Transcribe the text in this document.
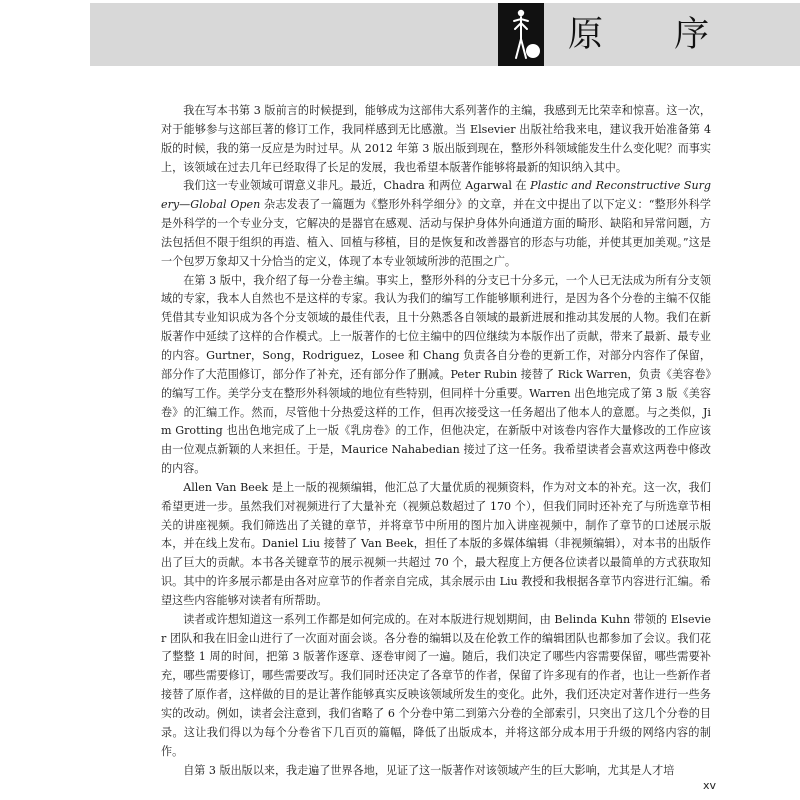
原 序

我在写本书第 3 版前言的时候提到，能够成为这部伟大系列著作的主编，我感到无比荣幸和惊喜。这一次，对于能够参与这部巨著的修订工作，我同样感到无比感激。当 Elsevier 出版社给我来电，建议我开始准备第 4 版的时候，我的第一反应是为时过早。从 2012 年第 3 版出版到现在，整形外科领域能发生什么变化呢？而事实上，该领域在过去几年已经取得了长足的发展，我也希望本版著作能够将最新的知识纳入其中。

我们这一专业领域可谓意义非凡。最近，Chadra 和两位 Agarwal 在 Plastic and Reconstructive Surgery—Global Open 杂志发表了一篇题为《整形外科学细分》的文章，并在文中提出了以下定义：“整形外科学是外科学的一个专业分支，它解决的是器官在感观、活动与保护身体外向通道方面的畸形、缺陷和异常问题，方法包括但不限于组织的再造、植入、回植与移植，目的是恢复和改善器官的形态与功能，并使其更加美观。”这是一个包罗万象却又十分恰当的定义，体现了本专业领域所涉的范围之广。

在第 3 版中，我介绍了每一分卷主编。事实上，整形外科的分支已十分多元，一个人已无法成为所有分支领域的专家，我本人自然也不是这样的专家。我认为我们的编写工作能够顺利进行，是因为各个分卷的主编不仅能凭借其专业知识成为各个分支领域的最佳代表，且十分熟悉各自领域的最新进展和推动其发展的人物。我们在新版著作中延续了这样的合作模式。上一版著作的七位主编中的四位继续为本版作出了贡献，带来了最新、最专业的内容。Gurtner，Song，Rodriguez，Losee 和 Chang 负责各自分卷的更新工作，对部分内容作了保留，部分作了大范围修订，部分作了补充，还有部分作了删减。Peter Rubin 接替了 Rick Warren，负责《美容卷》的编写工作。美学分支在整形外科领域的地位有些特别，但同样十分重要。Warren 出色地完成了第 3 版《美容卷》的汇编工作。然而，尽管他十分热爱这样的工作，但再次接受这一任务超出了他本人的意愿。与之类似，Jim Grotting 也出色地完成了上一版《乳房卷》的工作，但他决定，在新版中对该卷内容作大量修改的工作应该由一位观点新颖的人来担任。于是，Maurice Nahabedian 接过了这一任务。我希望读者会喜欢这两卷中修改的内容。

Allen Van Beek 是上一版的视频编辑，他汇总了大量优质的视频资料，作为对文本的补充。这一次，我们希望更进一步。虽然我们对视频进行了大量补充（视频总数超过了 170 个），但我们同时还补充了与所选章节相关的讲座视频。我们筛选出了关键的章节，并将章节中所用的图片加入讲座视频中，制作了章节的口述展示版本，并在线上发布。Daniel Liu 接替了 Van Beek，担任了本版的多媒体编辑（非视频编辑），对本书的出版作出了巨大的贡献。本书各关键章节的展示视频一共超过 70 个，最大程度上方便各位读者以最简单的方式获取知识。其中的许多展示都是由各对应章节的作者亲自完成，其余展示由 Liu 教授和我根据各章节内容进行汇编。希望这些内容能够对读者有所帮助。

读者或许想知道这一系列工作都是如何完成的。在对本版进行规划期间，由 Belinda Kuhn 带领的 Elsevier 团队和我在旧金山进行了一次面对面会谈。各分卷的编辑以及在伦敦工作的编辑团队也都参加了会议。我们花了整整 1 周的时间，把第 3 版著作逐章、逐卷审阅了一遍。随后，我们决定了哪些内容需要保留，哪些需要补充，哪些需要修订，哪些需要改写。我们同时还决定了各章节的作者，保留了许多现有的作者，也让一些新作者接替了原作者，这样做的目的是让著作能够真实反映该领域所发生的变化。此外，我们还决定对著作进行一些务实的改动。例如，读者会注意到，我们省略了 6 个分卷中第二到第六分卷的全部索引，只突出了这几个分卷的目录。这让我们得以为每个分卷省下几百页的篇幅，降低了出版成本，并将这部分成本用于升级的网络内容的制作。

自第 3 版出版以来，我走遍了世界各地，见证了这一版著作对该领域产生的巨大影响，尤其是人才培

xv
